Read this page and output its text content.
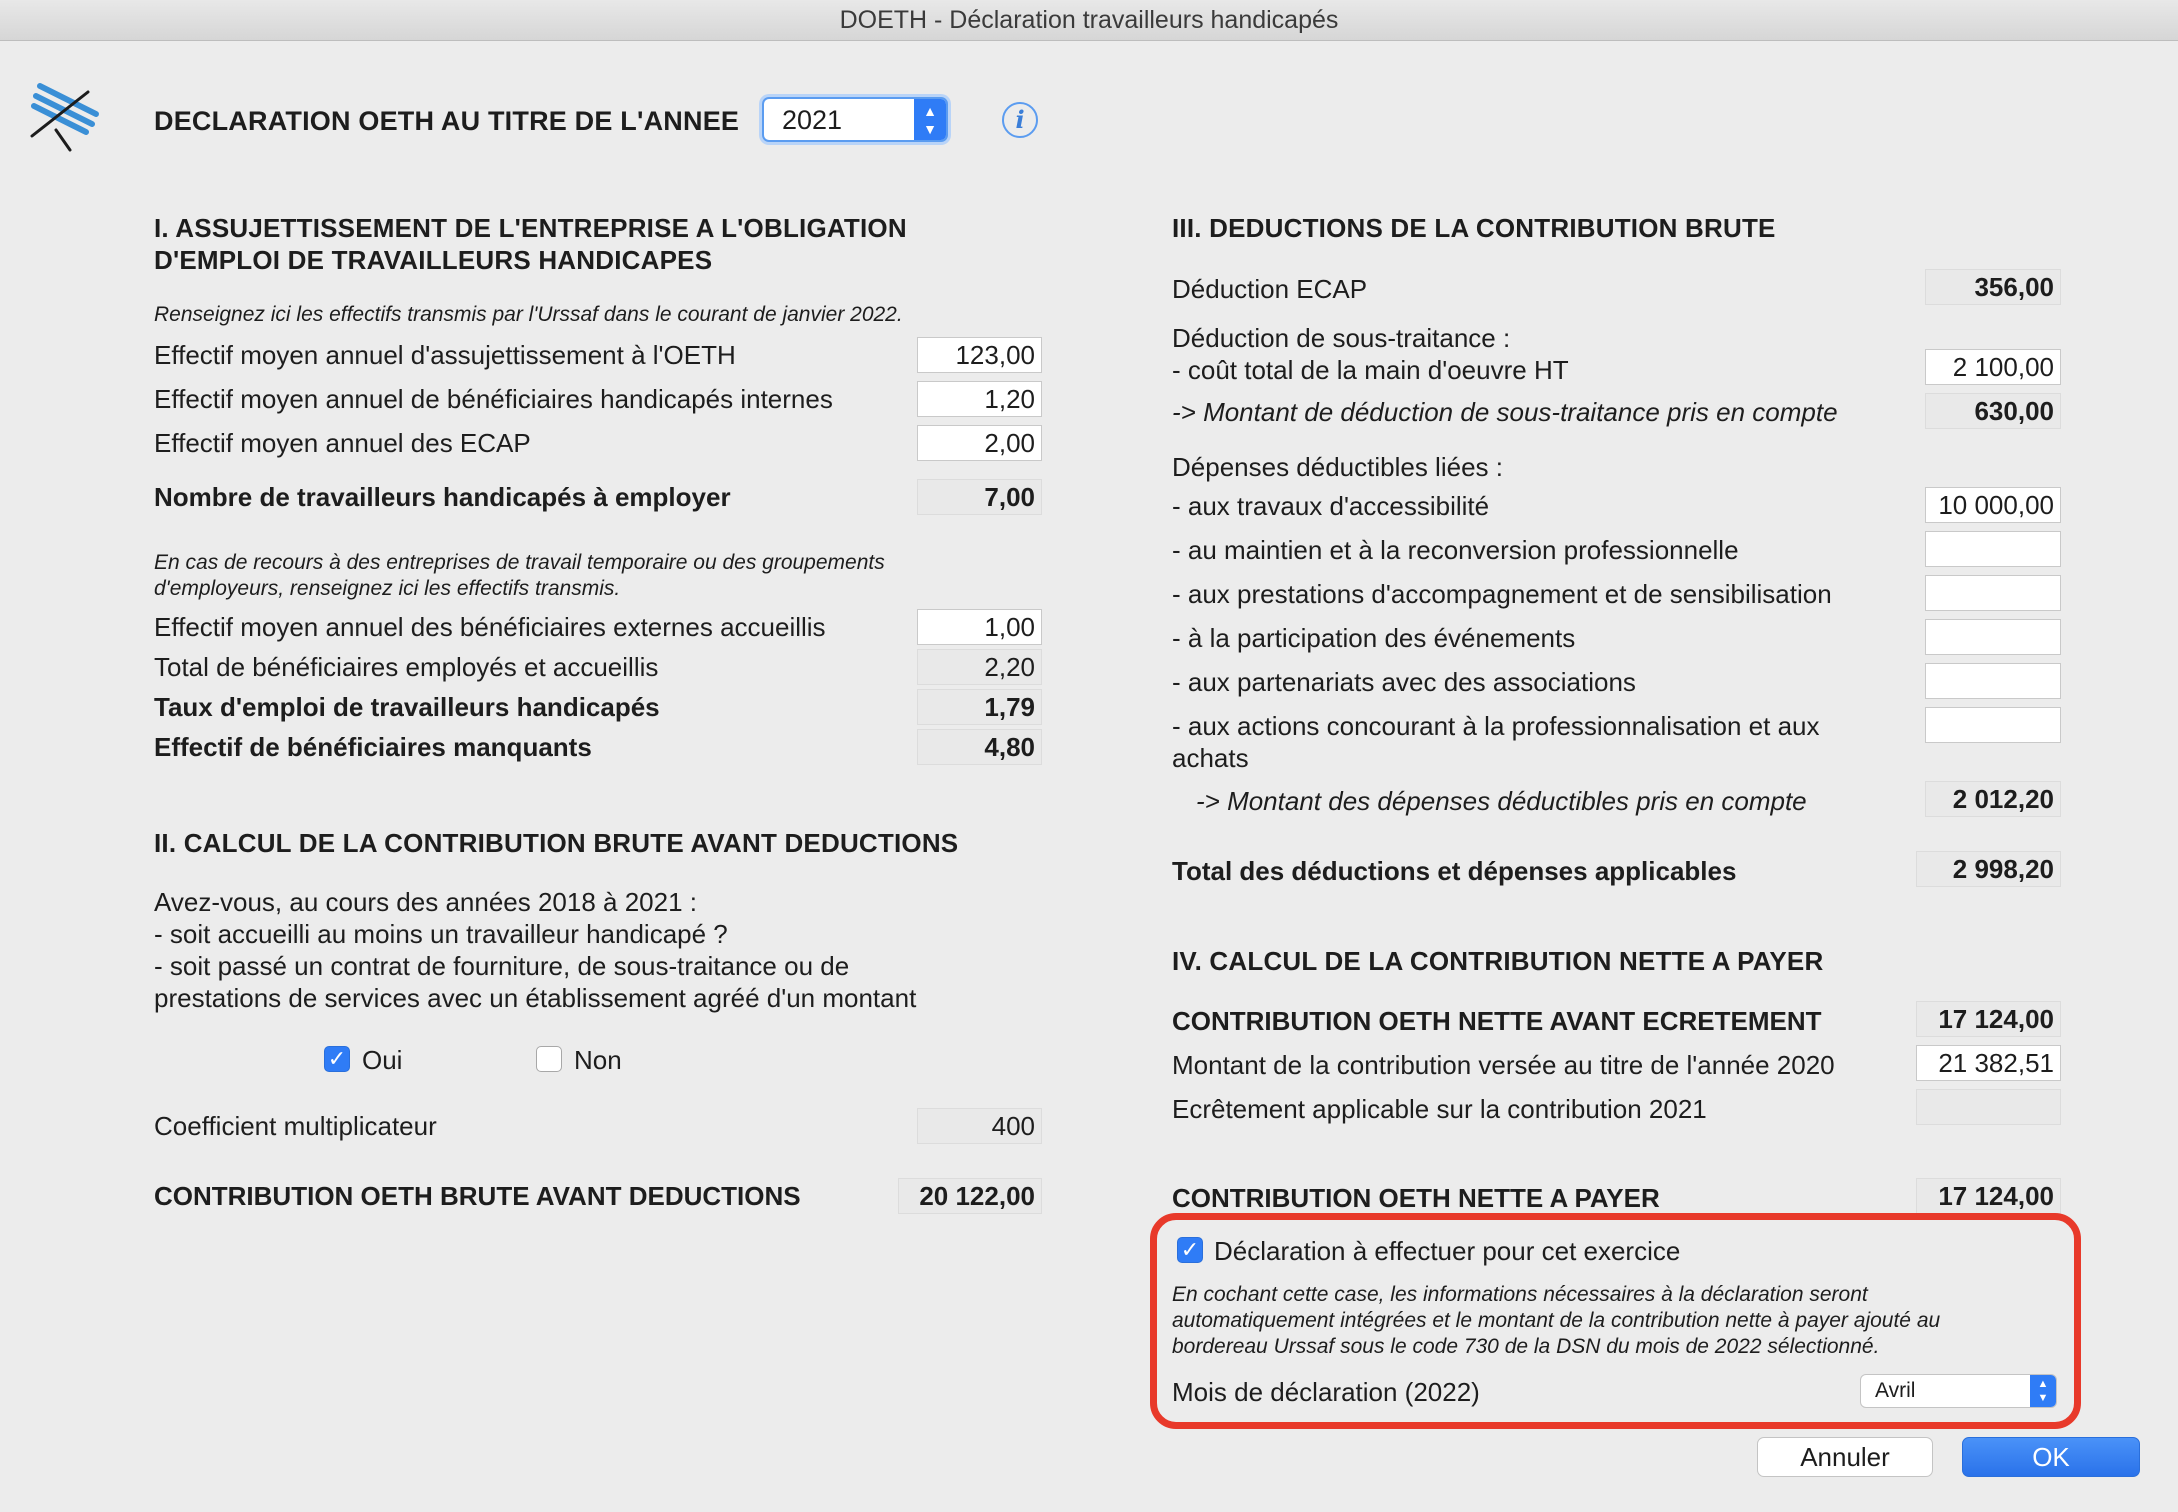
DOETH - Déclaration travailleurs handicapés
DECLARATION OETH AU TITRE DE L'ANNEE 2021	▲
▼	i
I. ASSUJETTISSEMENT DE L'ENTREPRISE A L'OBLIGATION
D'EMPLOI DE TRAVAILLEURS HANDICAPES
Renseignez ici les effectifs transmis par l'Urssaf dans le courant de janvier 2022.
Effectif moyen annuel d'assujettissement à l'OETH	123,00
Effectif moyen annuel de bénéficiaires handicapés internes	1,20
Effectif moyen annuel des ECAP	2,00
Nombre de travailleurs handicapés à employer	7,00
En cas de recours à des entreprises de travail temporaire ou des groupements
d'employeurs, renseignez ici les effectifs transmis.
Effectif moyen annuel des bénéficiaires externes accueillis	1,00
Total de bénéficiaires employés et accueillis	2,20
Taux d'emploi de travailleurs handicapés	1,79
Effectif de bénéficiaires manquants	4,80
II. CALCUL DE LA CONTRIBUTION BRUTE AVANT DEDUCTIONS
Avez-vous, au cours des années 2018 à 2021 :
- soit accueilli au moins un travailleur handicapé ?
- soit passé un contrat de fourniture, de sous-traitance ou de
prestations de services avec un établissement agréé d'un montant
✓ Oui	Non
Coefficient multiplicateur	400
CONTRIBUTION OETH BRUTE AVANT DEDUCTIONS	20 122,00
III. DEDUCTIONS DE LA CONTRIBUTION BRUTE
Déduction ECAP	356,00
Déduction de sous-traitance :
- coût total de la main d'oeuvre HT	2 100,00
-> Montant de déduction de sous-traitance pris en compte	630,00
Dépenses déductibles liées :
- aux travaux d'accessibilité	10 000,00
- au maintien et à la reconversion professionnelle
- aux prestations d'accompagnement et de sensibilisation
- à la participation des événements
- aux partenariats avec des associations
- aux actions concourant à la professionnalisation et aux
achats
-> Montant des dépenses déductibles pris en compte	2 012,20
Total des déductions et dépenses applicables	2 998,20
IV. CALCUL DE LA CONTRIBUTION NETTE A PAYER
CONTRIBUTION OETH NETTE AVANT ECRETEMENT	17 124,00
Montant de la contribution versée au titre de l'année 2020	21 382,51
Ecrêtement applicable sur la contribution 2021
CONTRIBUTION OETH NETTE A PAYER	17 124,00
✓ Déclaration à effectuer pour cet exercice
En cochant cette case, les informations nécessaires à la déclaration seront
automatiquement intégrées et le montant de la contribution nette à payer ajouté au
bordereau Urssaf sous le code 730 de la DSN du mois de 2022 sélectionné.
Mois de déclaration (2022)	Avril	▲
▼
Annuler	OK
